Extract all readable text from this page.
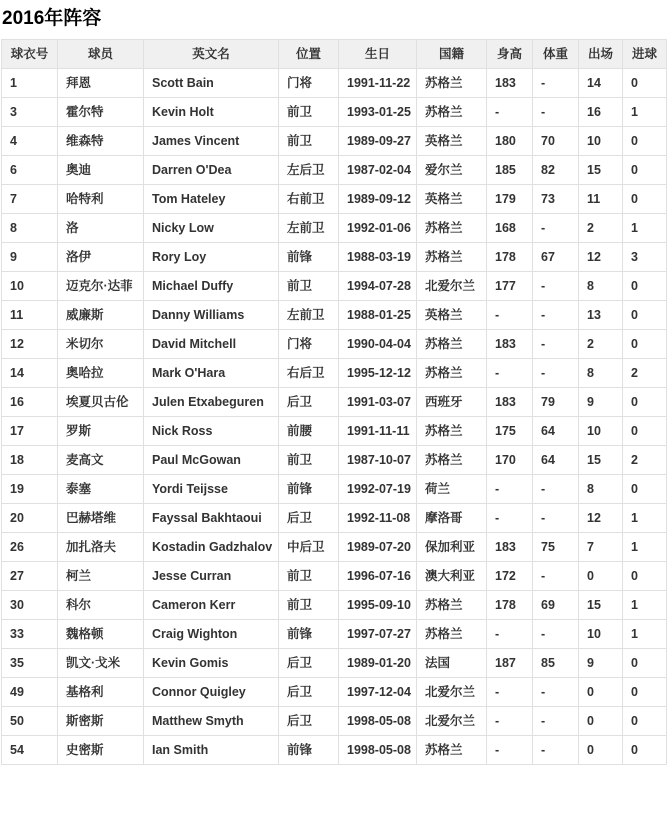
2016年阵容
球衣号	球员	英文名	位置	生日	国籍	身高	体重	出场	进球
1	拜恩	Scott Bain	门将	1991-11-22	苏格兰	183	-	14	0
3	霍尔特	Kevin Holt	前卫	1993-01-25	苏格兰	-	-	16	1
4	维森特	James Vincent	前卫	1989-09-27	英格兰	180	70	10	0
6	奥迪	Darren O'Dea	左后卫	1987-02-04	爱尔兰	185	82	15	0
7	哈特利	Tom Hateley	右前卫	1989-09-12	英格兰	179	73	11	0
8	洛	Nicky Low	左前卫	1992-01-06	苏格兰	168	-	2	1
9	洛伊	Rory Loy	前锋	1988-03-19	苏格兰	178	67	12	3
10	迈克尔·达菲	Michael Duffy	前卫	1994-07-28	北爱尔兰	177	-	8	0
11	威廉斯	Danny Williams	左前卫	1988-01-25	英格兰	-	-	13	0
12	米切尔	David Mitchell	门将	1990-04-04	苏格兰	183	-	2	0
14	奥哈拉	Mark O'Hara	右后卫	1995-12-12	苏格兰	-	-	8	2
16	埃夏贝古伦	Julen Etxabeguren	后卫	1991-03-07	西班牙	183	79	9	0
17	罗斯	Nick Ross	前腰	1991-11-11	苏格兰	175	64	10	0
18	麦高文	Paul McGowan	前卫	1987-10-07	苏格兰	170	64	15	2
19	泰塞	Yordi Teijsse	前锋	1992-07-19	荷兰	-	-	8	0
20	巴赫塔维	Fayssal Bakhtaoui	后卫	1992-11-08	摩洛哥	-	-	12	1
26	加扎洛夫	Kostadin Gadzhalov	中后卫	1989-07-20	保加利亚	183	75	7	1
27	柯兰	Jesse Curran	前卫	1996-07-16	澳大利亚	172	-	0	0
30	科尔	Cameron Kerr	前卫	1995-09-10	苏格兰	178	69	15	1
33	魏格顿	Craig Wighton	前锋	1997-07-27	苏格兰	-	-	10	1
35	凯文·戈米	Kevin Gomis	后卫	1989-01-20	法国	187	85	9	0
49	基格利	Connor Quigley	后卫	1997-12-04	北爱尔兰	-	-	0	0
50	斯密斯	Matthew Smyth	后卫	1998-05-08	北爱尔兰	-	-	0	0
54	史密斯	Ian Smith	前锋	1998-05-08	苏格兰	-	-	0	0
